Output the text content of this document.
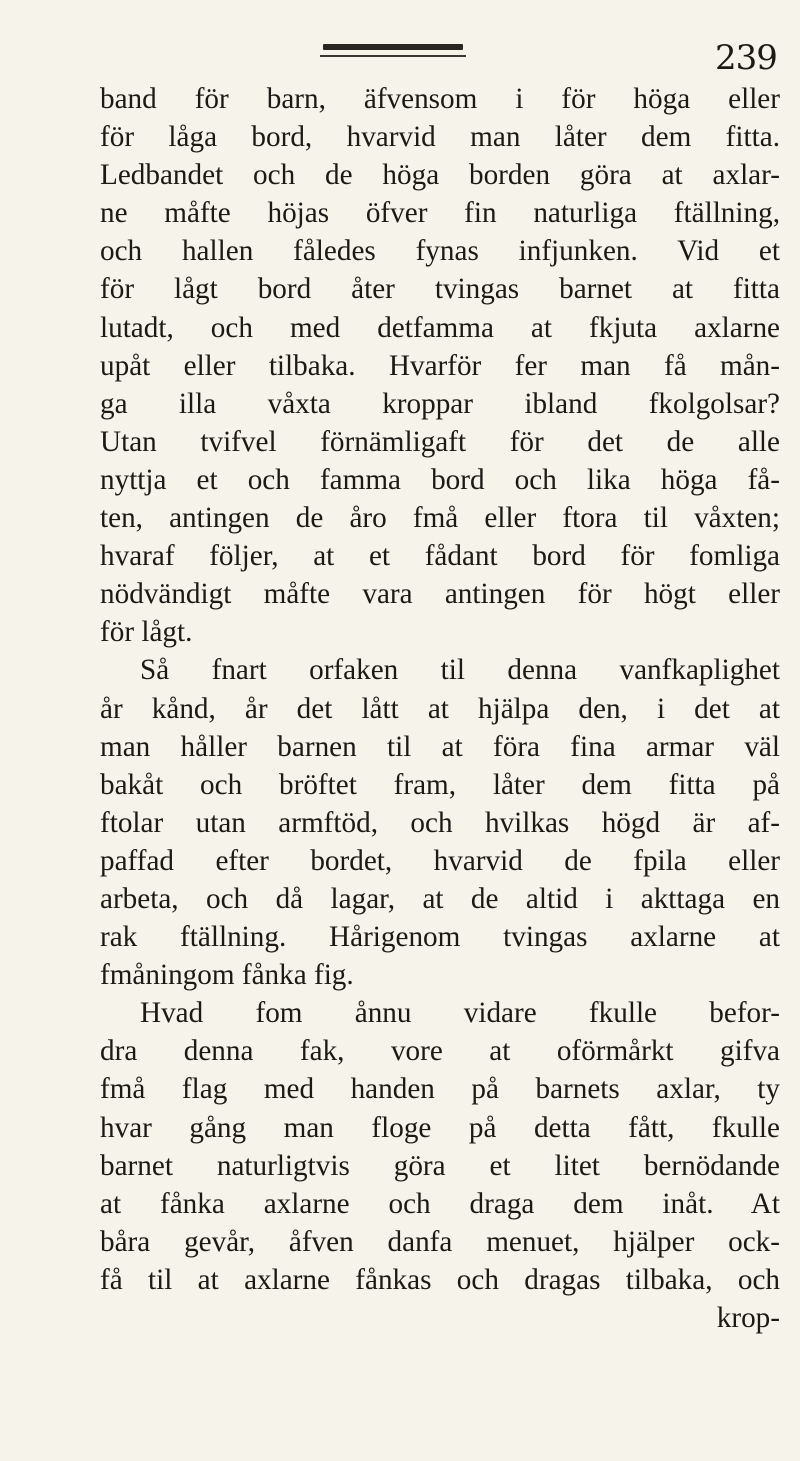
239
band för barn, äfvensom i för höga eller
för låga bord, hvarvid man låter dem fitta.
Ledbandet och de höga borden göra at axlar-
ne måfte höjas öfver fin naturliga ftällning,
och hallen fåledes fynas infjunken. Vid et
för lågt bord åter tvingas barnet at fitta
lutadt, och med detfamma at fkjuta axlarne
upåt eller tilbaka. Hvarför fer man få mån-
ga illa våxta kroppar ibland fkolgolsar?
Utan tvifvel förnämligaft för det de alle
nyttja et och famma bord och lika höga få-
ten, antingen de åro fmå eller ftora til våxten;
hvaraf följer, at et fådant bord för fomliga
nödvändigt måfte vara antingen för högt eller
för lågt.
Så fnart orfaken til denna vanfkaplighet
år kånd, år det lått at hjälpa den, i det at
man håller barnen til at föra fina armar väl
bakåt och bröftet fram, låter dem fitta på
ftolar utan armftöd, och hvilkas högd är af-
paffad efter bordet, hvarvid de fpila eller
arbeta, och då lagar, at de altid i akttaga en
rak ftällning. Hårigenom tvingas axlarne at
fmåningom fånka fig.
Hvad fom ånnu vidare fkulle befor-
dra denna fak, vore at oförmårkt gifva
fmå flag med handen på barnets axlar, ty
hvar gång man floge på detta fått, fkulle
barnet naturligtvis göra et litet bernödande
at fånka axlarne och draga dem inåt. At
båra gevår, åfven danfa menuet, hjälper ock-
få til at axlarne fånkas och dragas tilbaka, och
krop-
